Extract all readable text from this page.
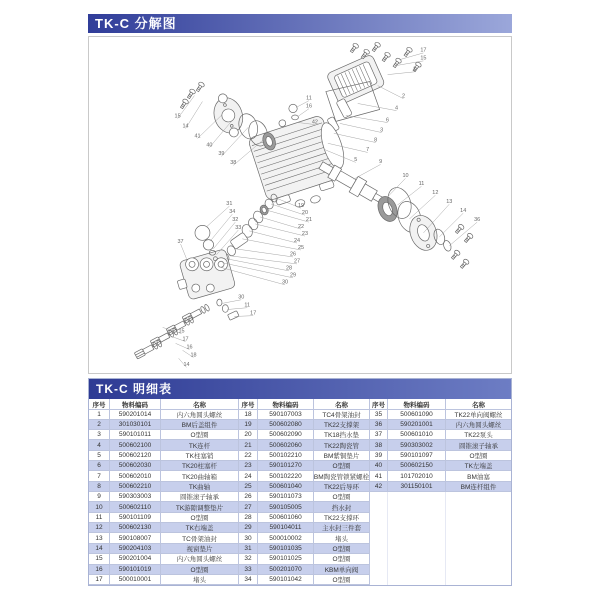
TK-C 分解图
17
15
1
2
4
6
3
8
7
5	9
10
11
12
13
14
36
15
14
41
40
39
38
11
16
42
19
20
21
22
23
24
25
26
27
28
29
30
31
34
32
33
37
30
11
17
15
17
16
18
14
TK-C 明细表
序号	物料编码	名称	序号	物料编码	名称	序号	物料编码	名称
1	590201014	内六角圆头螺丝	18	590107003	TC4骨架油封	35	500601090	TK22单向阀螺丝
2	301030101	BM后盖组件	19	500602080	TK22支撑架	36	590201001	内六角圆头螺丝
3	590101011	O型圈	20	500602090	TK18挡水垫	37	500601010	TK22泵头
4	500602100	TK连杆	21	500602060	TK22陶瓷管	38	590303002	圆锥滚子轴承
5	500602120	TK柱塞销	22	500102210	BM紫铜垫片	39	590101097	O型圈
6	500602030	TK20柱塞杆	23	590101270	O型圈	40	500602150	TK左端盖
7	500602010	TK20曲轴箱	24	500102220	BM陶瓷管锁紧螺栓 41	101702010	BM油塞
8	500602210	TK曲轴	25	500601040	TK22后导环	42	301150101	BM连杆组件
9	590303003	圆锥滚子轴承	26	590101073	O型圈
10	500602110	TK游隙调整垫片	27	590105005	挡水封
11	590101109	O型圈	28	500601060	TK22支撑环
12	500602130	TK右端盖	29	590104011	主水封三件套
13	590108007	TC骨架油封	30	500010002	堵头
14	590204103	视窗垫片	31	590101035	O型圈
15	590201004	内六角圆头螺丝	32	590101025	O型圈
16	590101019	O型圈	33	500201070	KBM单向阀
17	500010001	堵头	34	590101042	O型圈
